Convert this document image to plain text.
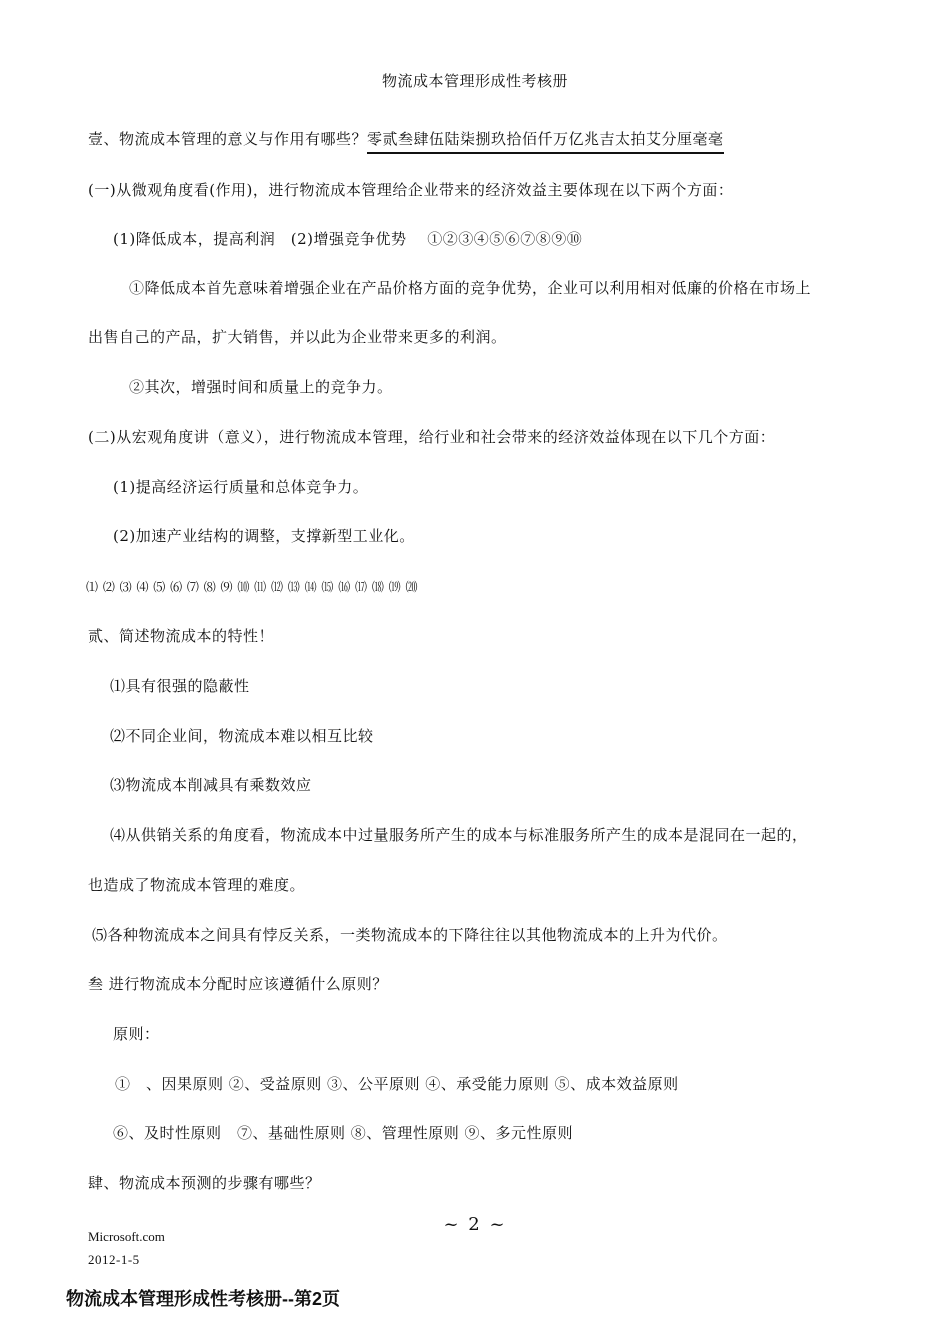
物流成本管理形成性考核册
壹、物流成本管理的意义与作用有哪些？零贰叁肆伍陆柒捌玖拾佰仟万亿兆吉太拍艾分厘毫毫
(一)从微观角度看(作用)，进行物流成本管理给企业带来的经济效益主要体现在以下两个方面：
(1)降低成本，提高利润　(2)增强竞争优势　 ①②③④⑤⑥⑦⑧⑨⑩
①降低成本首先意味着增强企业在产品价格方面的竞争优势，企业可以利用相对低廉的价格在市场上
出售自己的产品，扩大销售，并以此为企业带来更多的利润。
②其次，增强时间和质量上的竞争力。
(二)从宏观角度讲（意义），进行物流成本管理，给行业和社会带来的经济效益体现在以下几个方面：
(1)提高经济运行质量和总体竞争力。
(2)加速产业结构的调整，支撑新型工业化。
⑴ ⑵ ⑶ ⑷ ⑸ ⑹ ⑺ ⑻ ⑼ ⑽ ⑾ ⑿ ⒀ ⒁ ⒂ ⒃ ⒄ ⒅ ⒆ ⒇
贰、简述物流成本的特性！
⑴具有很强的隐蔽性
⑵不同企业间，物流成本难以相互比较
⑶物流成本削减具有乘数效应
⑷从供销关系的角度看，物流成本中过量服务所产生的成本与标准服务所产生的成本是混同在一起的，
也造成了物流成本管理的难度。
⑸各种物流成本之间具有悖反关系，一类物流成本的下降往往以其他物流成本的上升为代价。
叁 进行物流成本分配时应该遵循什么原则？
原则：
①　、因果原则 ②、受益原则 ③、公平原则 ④、承受能力原则 ⑤、成本效益原则
⑥、及时性原则　⑦、基础性原则 ⑧、管理性原则 ⑨、多元性原则
肆、物流成本预测的步骤有哪些？
~ 2 ~
Microsoft.com
2012-1-5
物流成本管理形成性考核册--第2页
